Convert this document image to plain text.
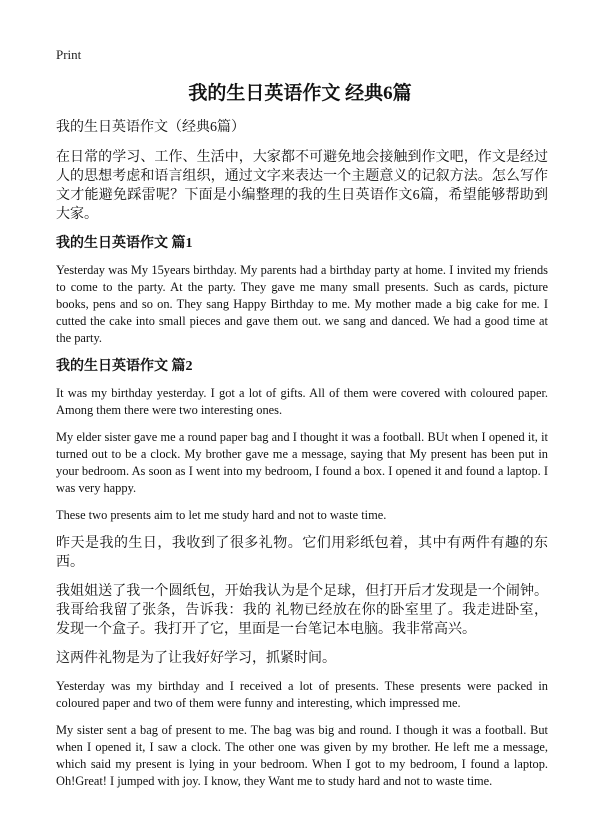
Print
我的生日英语作文 经典6篇

我的生日英语作文（经典6篇）

在日常的学习、工作、生活中，大家都不可避免地会接触到作文吧，作文是经过人的思想考虑和语言组织，通过文字来表达一个主题意义的记叙方法。怎么写作文才能避免踩雷呢？下面是小编整理的我的生日英语作文6篇，希望能够帮助到大家。

我的生日英语作文 篇1

Yesterday was My 15years birthday. My parents had a birthday party at home. I invited my friends to come to the party. At the party. They gave me many small presents. Such as cards, picture books, pens and so on. They sang Happy Birthday to me. My mother made a big cake for me. I cutted the cake into small pieces and gave them out. we sang and danced. We had a good time at the party.

我的生日英语作文 篇2

It was my birthday yesterday. I got a lot of gifts. All of them were covered with coloured paper. Among them there were two interesting ones.

My elder sister gave me a round paper bag and I thought it was a football. BUt when I opened it, it turned out to be a clock. My brother gave me a message, saying that My present has been put in your bedroom. As soon as I went into my bedroom, I found a box. I opened it and found a laptop. I was very happy.

These two presents aim to let me study hard and not to waste time.

昨天是我的生日，我收到了很多礼物。它们用彩纸包着，其中有两件有趣的东西。

我姐姐送了我一个圆纸包，开始我认为是个足球，但打开后才发现是一个闹钟。我哥给我留了张条，告诉我：我的 礼物已经放在你的卧室里了。我走进卧室，发现一个盒子。我打开了它，里面是一台笔记本电脑。我非常高兴。

这两件礼物是为了让我好好学习，抓紧时间。

Yesterday was my birthday and I received a lot of presents. These presents were packed in coloured paper and two of them were funny and interesting, which impressed me.

My sister sent a bag of present to me. The bag was big and round. I though it was a football. But when I opened it, I saw a clock. The other one was given by my brother. He left me a message, which said my present is lying in your bedroom. When I got to my bedroom, I found a laptop. Oh!Great! I jumped with joy. I know, they Want me to study hard and not to waste time.
